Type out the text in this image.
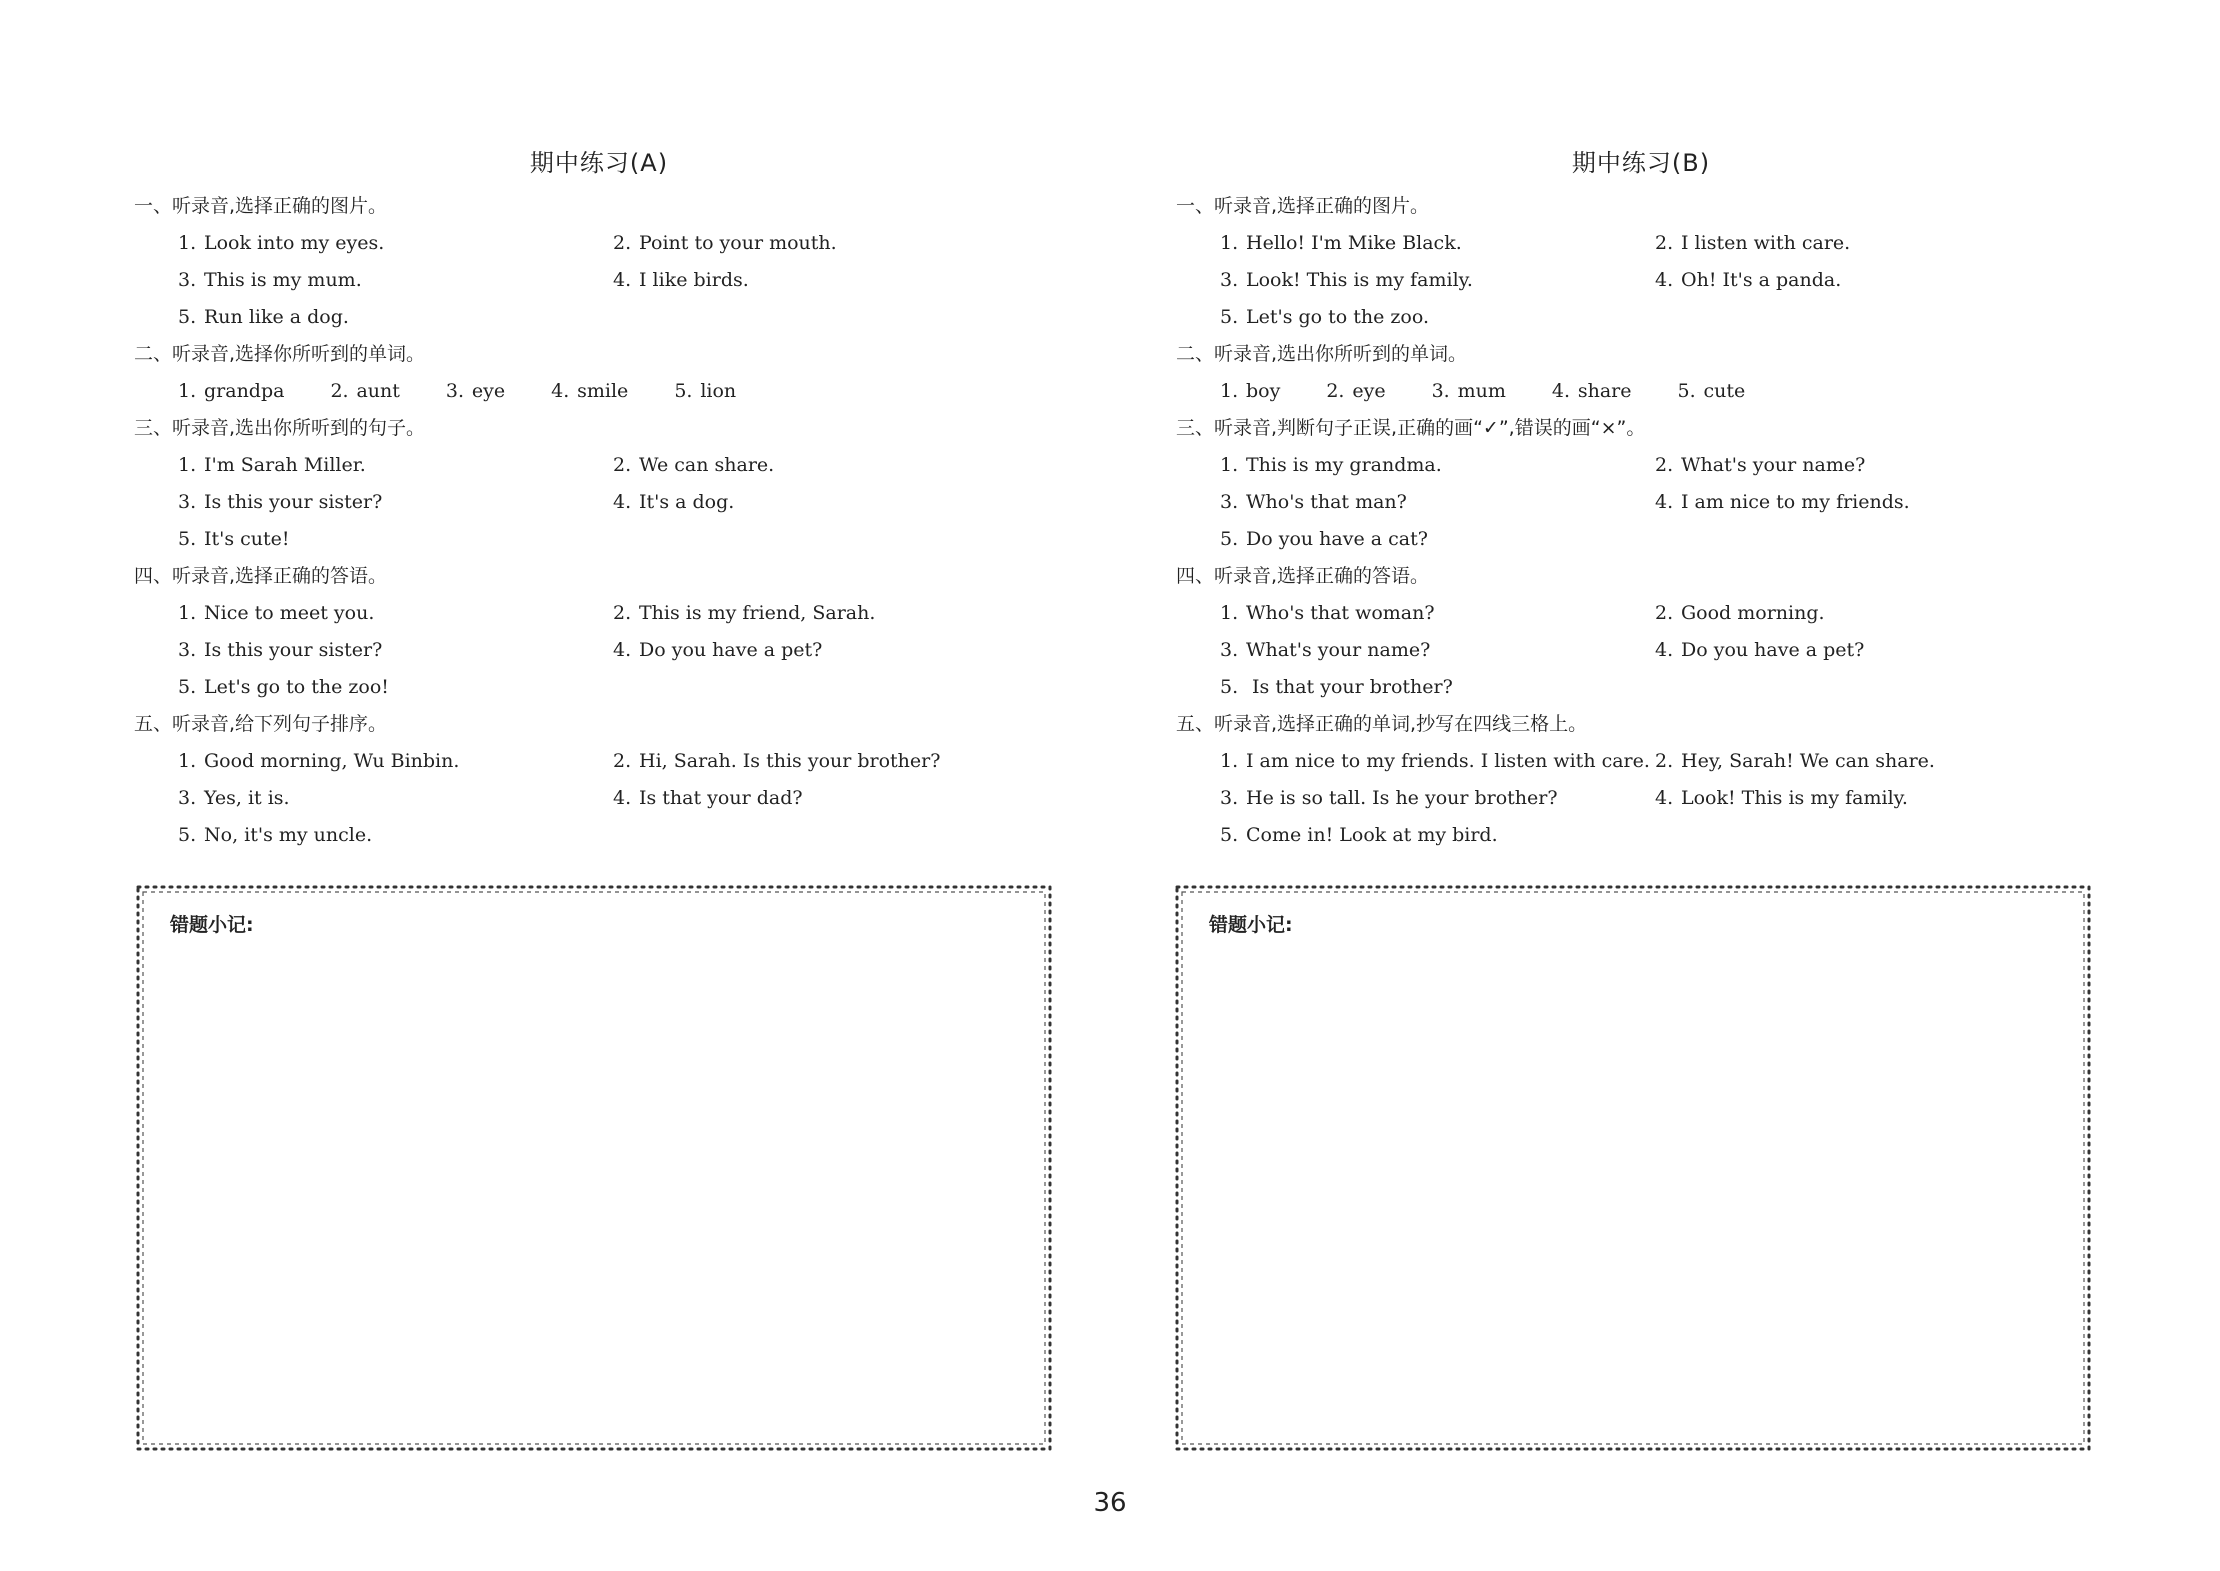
期中练习(A)
一、听录音,选择正确的图片。
1. Look into my eyes.	2. Point to your mouth.
3. This is my mum.	4. I like birds.
5. Run like a dog.
二、听录音,选择你所听到的单词。
1. grandpa 2. aunt 3. eye 4. smile 5. lion
三、听录音,选出你所听到的句子。
1. I'm Sarah Miller.	2. We can share.
3. Is this your sister?	4. It's a dog.
5. It's cute!
四、听录音,选择正确的答语。
1. Nice to meet you.	2. This is my friend, Sarah.
3. Is this your sister?	4. Do you have a pet?
5. Let's go to the zoo!
五、听录音,给下列句子排序。
1. Good morning, Wu Binbin.	2. Hi, Sarah. Is this your brother?
3. Yes, it is.	4. Is that your dad?
5. No, it's my uncle.
期中练习(B)
一、听录音,选择正确的图片。
1. Hello! I'm Mike Black.	2. I listen with care.
3. Look! This is my family.	4. Oh! It's a panda.
5. Let's go to the zoo.
二、听录音,选出你所听到的单词。
1. boy 2. eye 3. mum 4. share 5. cute
三、听录音,判断句子正误,正确的画“✓”,错误的画“×”。
1. This is my grandma.	2. What's your name?
3. Who's that man?	4. I am nice to my friends.
5. Do you have a cat?
四、听录音,选择正确的答语。
1. Who's that woman?	2. Good morning.
3. What's your name?	4. Do you have a pet?
5. Is that your brother?
五、听录音,选择正确的单词,抄写在四线三格上。
1. I am nice to my friends. I listen with care. 2. Hey, Sarah! We can share.
3. He is so tall. Is he your brother?	4. Look! This is my family.
5. Come in! Look at my bird.
错题小记:	错题小记:
36
